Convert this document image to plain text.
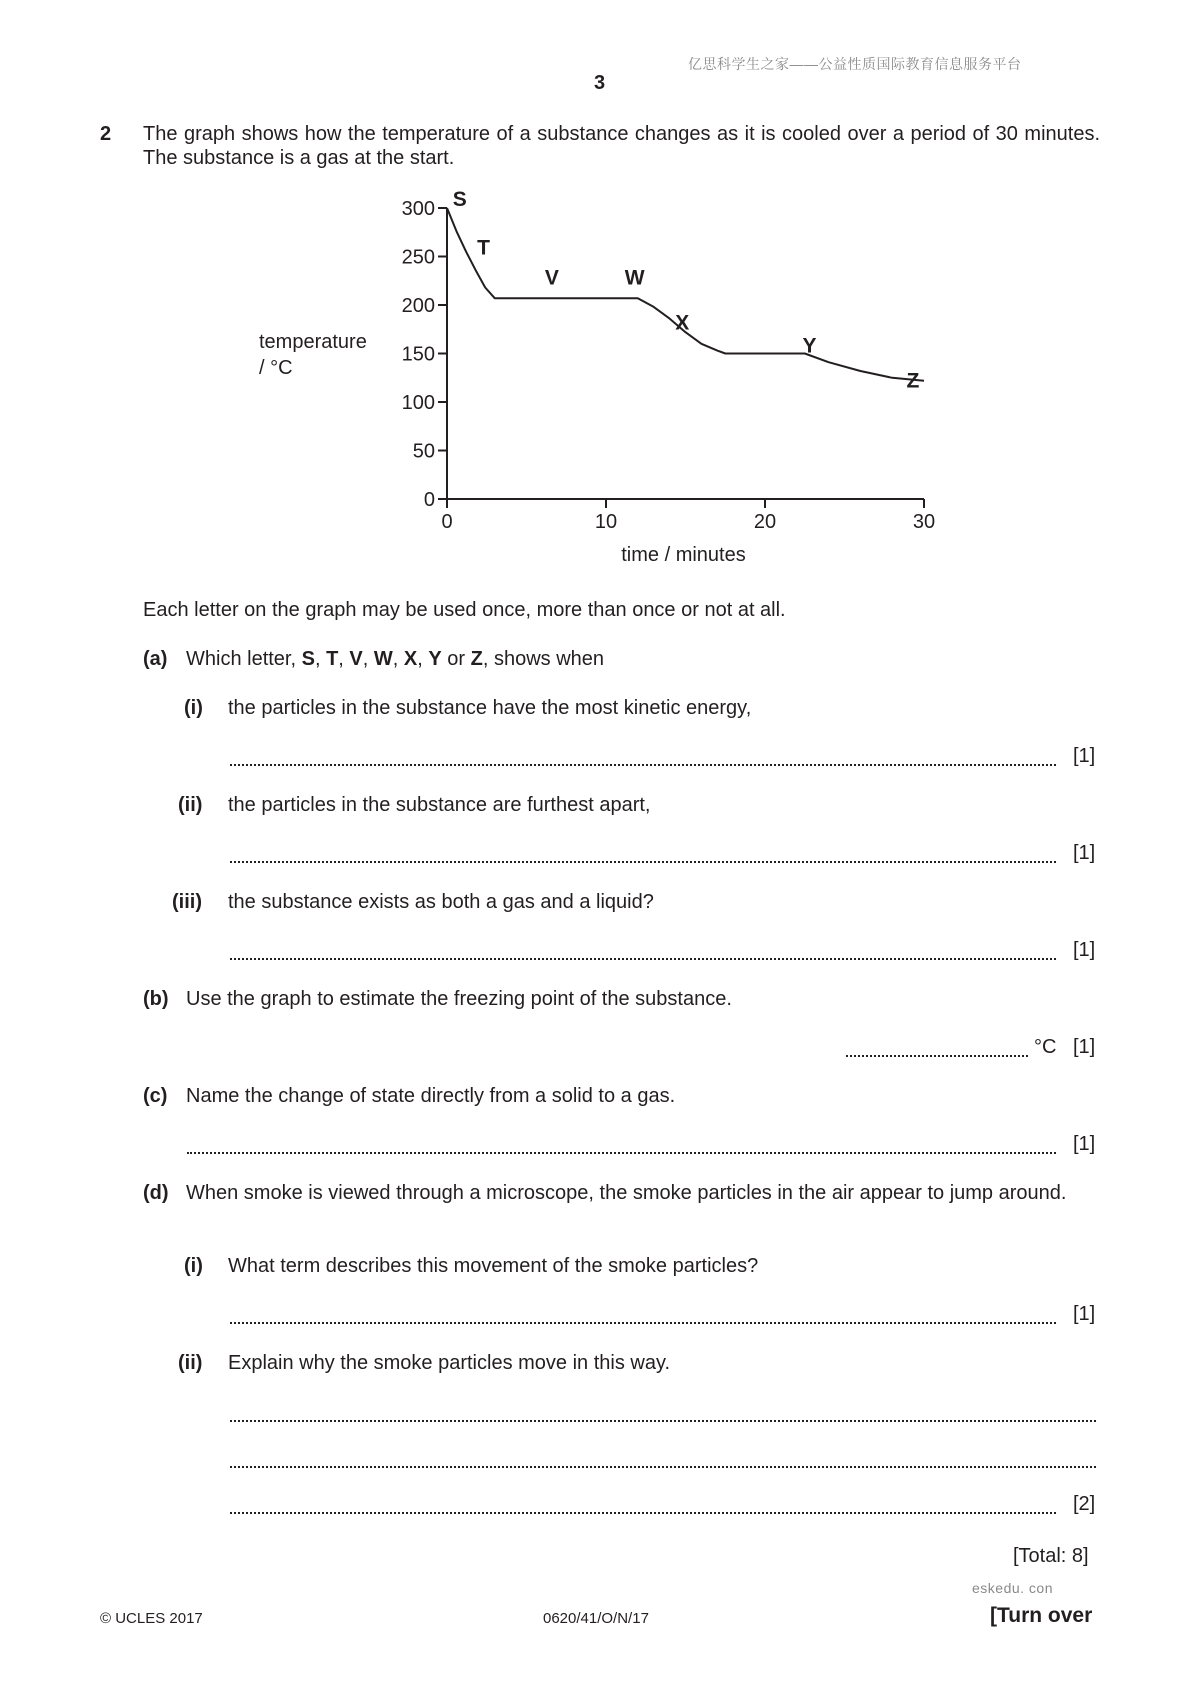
亿思科学生之家——公益性质国际教育信息服务平台
3
2 The graph shows how the temperature of a substance changes as it is cooled over a period of 30 minutes. The substance is a gas at the start.
0
50
100
150
200
250
300
0	10	20	30
time / minutes
temperature
/ °C
S
T
V	W
X
Y
Z
Each letter on the graph may be used once, more than once or not at all.
(a) Which letter, S, T, V, W, X, Y or Z, shows when
(i) the particles in the substance have the most kinetic energy,
[1]
(ii) the particles in the substance are furthest apart,
[1]
(iii) the substance exists as both a gas and a liquid?
[1]
(b) Use the graph to estimate the freezing point of the substance.
°C [1]
(c) Name the change of state directly from a solid to a gas.
[1]
(d) When smoke is viewed through a microscope, the smoke particles in the air appear to jump around.
(i) What term describes this movement of the smoke particles?
[1]
(ii) Explain why the smoke particles move in this way.
[2]
[Total: 8]
eskedu. con
© UCLES 2017	0620/41/O/N/17	[Turn over
